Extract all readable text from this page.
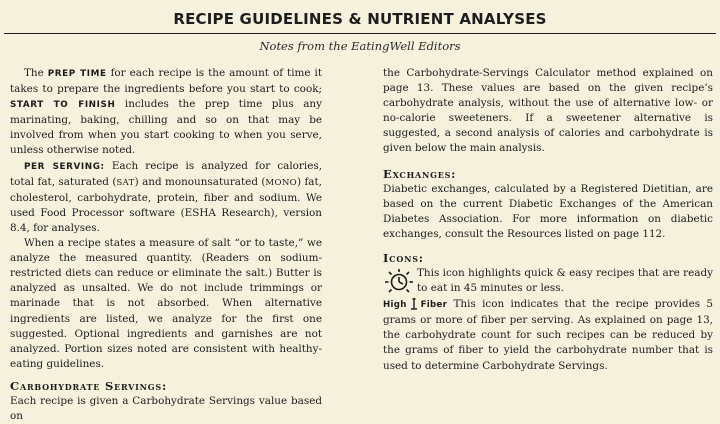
RECIPE GUIDELINES & NUTRIENT ANALYSES
Notes from the EatingWell Editors

The PREP TIME for each recipe is the amount of time it takes to prepare the ingredients before you start to cook; START TO FINISH includes the prep time plus any marinating, baking, chilling and so on that may be involved from when you start cooking to when you serve, unless otherwise noted.

PER SERVING: Each recipe is analyzed for calories, total fat, saturated (SAT) and monounsaturated (MONO) fat, cholesterol, carbohydrate, protein, fiber and sodium. We used Food Processor software (ESHA Research), version 8.4, for analyses.

When a recipe states a measure of salt “or to taste,” we analyze the measured quantity. (Readers on sodium-restricted diets can reduce or eliminate the salt.) Butter is analyzed as unsalted. We do not include trimmings or marinade that is not absorbed. When alternative ingredients are listed, we analyze for the first one suggested. Optional ingredients and garnishes are not analyzed. Portion sizes noted are consistent with healthy-eating guidelines.

Carbohydrate Servings:

Each recipe is given a Carbohydrate Servings value based on

the Carbohydrate-Servings Calculator method explained on page 13. These values are based on the given recipe’s carbohydrate analysis, without the use of alternative low- or no-calorie sweeteners. If a sweetener alternative is suggested, a second analysis of calories and carbohydrate is given below the main analysis.

Exchanges:

Diabetic exchanges, calculated by a Registered Dietitian, are based on the current Diabetic Exchanges of the American Diabetes Association. For more information on diabetic exchanges, consult the Resources listed on page 112.

Icons:

This icon highlights quick & easy recipes that are ready to eat in 45 minutes or less.

High Fiber This icon indicates that the recipe provides 5 grams or more of fiber per serving. As explained on page 13, the carbohydrate count for such recipes can be reduced by the grams of fiber to yield the carbohydrate number that is used to determine Carbohydrate Servings.
